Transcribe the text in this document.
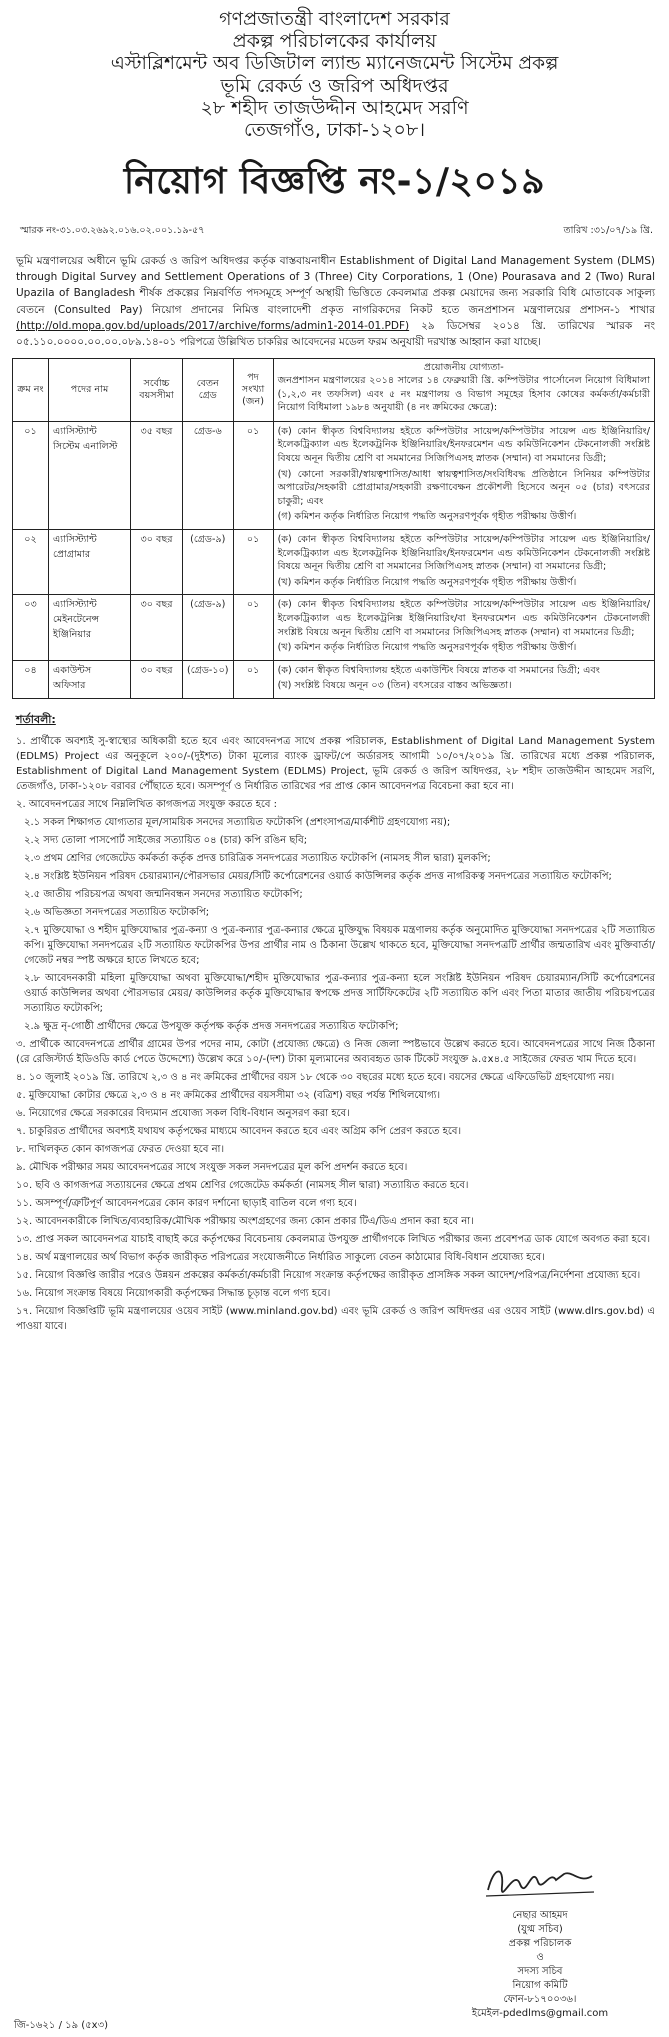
গণপ্রজাতন্ত্রী বাংলাদেশ সরকার
প্রকল্প পরিচালকের কার্যালয়
এস্টাব্লিশমেন্ট অব ডিজিটাল ল্যান্ড ম্যানেজমেন্ট সিস্টেম প্রকল্প
ভূমি রেকর্ড ও জরিপ অধিদপ্তর
২৮ শহীদ তাজউদ্দীন আহমেদ সরণি
তেজগাঁও, ঢাকা-১২০৮।
নিয়োগ বিজ্ঞপ্তি নং-১/২০১৯
স্মারক নং-৩১.০৩.২৬৯২.০১৬.০২.০০১.১৯-৫৭	তারিখ :৩১/০৭/১৯ খ্রি.
ভূমি মন্ত্রণালয়ের অধীনে ভূমি রেকর্ড ও জরিপ অধিদপ্তর কর্তৃক বাস্তবায়নাধীন Establishment of Digital Land Management System (DLMS) through Digital Survey and Settlement Operations of 3 (Three) City Corporations, 1 (One) Pourasava and 2 (Two) Rural Upazila of Bangladesh শীর্ষক প্রকল্পের নিম্নবর্ণিত পদসমূহে সম্পূর্ণ অস্থায়ী ভিত্তিতে কেবলমাত্র প্রকল্প মেয়াদের জন্য সরকারি বিধি মোতাবেক সাকুল্য বেতনে (Consulted Pay) নিয়োগ প্রদানের নিমিত্ত বাংলাদেশী প্রকৃত নাগরিকদের নিকট হতে জনপ্রশাসন মন্ত্রণালয়ের প্রশাসন-১ শাখার (http://old.mopa.gov.bd/uploads/2017/archive/forms/admin1-2014-01.PDF) ২৯ ডিসেম্বর ২০১৪ খ্রি. তারিখের স্মারক নং ০৫.১১০.০০০০.০০.০০.০৮৯.১৪-০১ পরিপত্রে উল্লিখিত চাকরির আবেদনের মডেল ফরম অনুযায়ী দরখাস্ত আহ্বান করা যাচ্ছে।
ক্রম নং	পদের নাম	সর্বোচ্চ বয়সসীমা	বেতন গ্রেড	পদ সংখ্যা (জন)	প্রয়োজনীয় যোগ্যতা-

জনপ্রশাসন মন্ত্রণালয়ের ২০১৪ সালের ১৪ ফেব্রুয়ারী খ্রি. কম্পিউটার পার্সোনেল নিয়োগ বিধিমালা (১,২,৩ নং তফসিল) এবং ৫ নং মন্ত্রণালয় ও বিভাগ সমূহের হিসাব কোষের কর্মকর্তা/কর্মচারী নিয়োগ বিধিমালা ১৯৮৪ অনুযায়ী (৪ নং ক্রমিকের ক্ষেত্রে):

০১	এ্যাসিস্ট্যান্ট সিস্টেম এনালিস্ট	৩৫ বছর	গ্রেড-৬	০১	(ক) কোন স্বীকৃত বিশ্ববিদ্যালয় হইতে কম্পিউটার সায়েন্স/কম্পিউটার সায়েন্স এন্ড ইঞ্জিনিয়ারিং/ইলেকট্রিক্যাল এন্ড ইলেকট্রনিক ইঞ্জিনিয়ারিং/ইনফরমেশন এন্ড কমিউনিকেশন টেকনোলজী সংশ্লিষ্ট বিষয়ে অনূন দ্বিতীয় শ্রেণি বা সমমানের সিজিপিএসহ স্নাতক (সম্মান) বা সমমানের ডিগ্রী;

(খ) কোনো সরকারী/স্বায়ত্বশাসিত/আধা স্বায়ত্বশাসিত/সংবিধিবদ্ধ প্রতিষ্ঠানে সিনিয়র কম্পিউটার অপারেটর/সহকারী প্রোগ্রামার/সহকারী রক্ষণাবেক্ষন প্রকৌশলী হিসেবে অনূন ০৫ (চার) বৎসরের চাকুরী; এবং

(গ) কমিশন কর্তৃক নির্ধারিত নিয়োগ পদ্ধতি অনুসরণপূর্বক গৃহীত পরীক্ষায় উত্তীর্ণ।

০২	এ্যাসিস্ট্যান্ট প্রোগ্রামার	৩০ বছর	(গ্রেড-৯)	০১	(ক) কোন স্বীকৃত বিশ্ববিদ্যালয় হইতে কম্পিউটার সায়েন্স/কম্পিউটার সায়েন্স এন্ড ইঞ্জিনিয়ারিং/ইলেকট্রিক্যাল এন্ড ইলেকট্রনিক ইঞ্জিনিয়ারিং/ইনফরমেশন এন্ড কমিউনিকেশন টেকনোলজী সংশ্লিষ্ট বিষয়ে অনূন দ্বিতীয় শ্রেণি বা সমমানের সিজিপিএসহ স্নাতক (সম্মান) বা সমমানের ডিগ্রী;

(খ) কমিশন কর্তৃক নির্ধারিত নিয়োগ পদ্ধতি অনুসরণপূর্বক গৃহীত পরীক্ষায় উত্তীর্ণ।

০৩	এ্যাসিস্ট্যান্ট মেইনটেনেন্স ইঞ্জিনিয়ার	৩০ বছর	(গ্রেড-৯)	০১	(ক) কোন স্বীকৃত বিশ্ববিদ্যালয় হইতে কম্পিউটার সায়েন্স/কম্পিউটার সায়েন্স এন্ড ইঞ্জিনিয়ারিং/ইলেকট্রিক্যাল এন্ড ইলেকট্রনিক্স ইঞ্জিনিয়ারিং/বা ইনফরমেশন এন্ড কমিউনিকেশন টেকনোলজী সংশ্লিষ্ট বিষয়ে অনূন দ্বিতীয় শ্রেণি বা সমমানের সিজিপিএসহ স্নাতক (সম্মান) বা সমমানের ডিগ্রী;

(খ) কমিশন কর্তৃক নির্ধারিত নিয়োগ পদ্ধতি অনুসরণপূর্বক গৃহীত পরীক্ষায় উত্তীর্ণ।

০৪	একাউন্টস অফিসার	৩০ বছর	(গ্রেড-১০)	০১	(ক) কোন স্বীকৃত বিশ্ববিদ্যালয় হইতে একাউন্টিং বিষয়ে স্নাতক বা সমমানের ডিগ্রী; এবং

(খ) সংশ্লিষ্ট বিষয়ে অনূন ০৩ (তিন) বৎসরের বাস্তব অভিজ্ঞতা।

শর্তাবলী:

১. প্রার্থীকে অবশ্যই সু-স্বাস্থ্যের অধিকারী হতে হবে এবং আবেদনপত্র সাথে প্রকল্প পরিচালক, Establishment of Digital Land Management System (EDLMS) Project এর অনুকূলে ২০০/-(দুইশত) টাকা মূল্যের ব্যাংক ড্রাফট/পে অর্ডারসহ আগামী ১০/০৭/২০১৯ খ্রি. তারিখের মধ্যে প্রকল্প পরিচালক, Establishment of Digital Land Management System (EDLMS) Project, ভূমি রেকর্ড ও জরিপ অধিদপ্তর, ২৮ শহীদ তাজউদ্দীন আহমেদ সরণি, তেজগাঁও, ঢাকা-১২০৮ বরাবর পৌঁছাতে হবে। অসম্পূর্ণ ও নির্ধারিত তারিখের পর প্রাপ্ত কোন আবেদনপত্র বিবেচনা করা হবে না।

২. আবেদনপত্রের সাথে নিম্নলিখিত কাগজপত্র সংযুক্ত করতে হবে :

২.১ সকল শিক্ষাগত যোগ্যতার মূল/সাময়িক সনদের সত্যায়িত ফটোকপি (প্রশংসাপত্র/মার্কশীট গ্রহণযোগ্য নয়);

২.২ সদ্য তোলা পাসপোর্ট সাইজের সত্যায়িত ০৪ (চার) কপি রঙিন ছবি;

২.৩ প্রথম শ্রেণির গেজেটেড কর্মকর্তা কর্তৃক প্রদত্ত চারিত্রিক সনদপত্রের সত্যায়িত ফটোকপি (নামসহ সীল দ্বারা) মুলকপি;

২.৪ সংশ্লিষ্ট ইউনিয়ন পরিষদ চেয়ারম্যান/পৌরসভার মেয়র/সিটি কর্পোরেশনের ওয়ার্ড কাউন্সিলর কর্তৃক প্রদত্ত নাগরিকত্ব সনদপত্রের সত্যায়িত ফটোকপি;

২.৫ জাতীয় পরিচয়পত্র অথবা জন্মনিবন্ধন সনদের সত্যায়িত ফটোকপি;

২.৬ অভিজ্ঞতা সনদপত্রের সত্যায়িত ফটোকপি;

২.৭ মুক্তিযোদ্ধা ও শহীদ মুক্তিযোদ্ধার পুত্র-কন্যা ও পুত্র-কন্যার পুত্র-কন্যার ক্ষেত্রে মুক্তিযুদ্ধ বিষয়ক মন্ত্রণালয় কর্তৃক অনুমোদিত মুক্তিযোদ্ধা সনদপত্রের ২টি সত্যায়িত কপি। মুক্তিযোদ্ধা সনদপত্রের ২টি সত্যায়িত ফটোকপির উপর প্রার্থীর নাম ও ঠিকানা উল্লেখ থাকতে হবে, মুক্তিযোদ্ধা সনদপত্রটি প্রার্থীর জন্মতারিখ এবং মুক্তিবার্তা/গেজেট নম্বর স্পষ্ট অক্ষরে হাতে লিখতে হবে;

২.৮ আবেদনকারী মহিলা মুক্তিযোদ্ধা অথবা মুক্তিযোদ্ধা/শহীদ মুক্তিযোদ্ধার পুত্র-কন্যার পুত্র-কন্যা হলে সংশ্লিষ্ট ইউনিয়ন পরিষদ চেয়ারম্যান/সিটি কর্পোরেশনের ওয়ার্ড কাউন্সিলর অথবা পৌরসভার মেয়র/ কাউন্সিলর কর্তৃক মুক্তিযোদ্ধার স্বপক্ষে প্রদত্ত সার্টিফিকেটের ২টি সত্যায়িত কপি এবং পিতা মাতার জাতীয় পরিচয়পত্রের সত্যায়িত ফটোকপি;

২.৯ ক্ষুদ্র নৃ-গোষ্ঠী প্রার্থীদের ক্ষেত্রে উপযুক্ত কর্তৃপক্ষ কর্তৃক প্রদত্ত সনদপত্রের সত্যায়িত ফটোকপি;

৩. প্রার্থীকে আবেদনপত্রে প্রার্থীর গ্রামের উপর পদের নাম, কোটা (প্রযোজ্য ক্ষেত্রে) ও নিজ জেলা স্পষ্টভাবে উল্লেখ করতে হবে। আবেদনপত্রের সাথে নিজ ঠিকানা (রে রেজিস্টার্ড ইডিওডি কার্ড পেতে উদ্দেশ্যে) উল্লেখ করে ১০/-(দশ) টাকা মূল্যমানের অব্যবহৃত ডাক টিকেট সংযুক্ত ৯.৫x৪.৫ সাইজের ফেরত খাম দিতে হবে।

৪. ১০ জুলাই ২০১৯ খ্রি. তারিখে ২,৩ ও ৪ নং ক্রমিকের প্রার্থীদের বয়স ১৮ থেকে ৩০ বছরের মধ্যে হতে হবে। বয়সের ক্ষেত্রে এফিডেভিট গ্রহণযোগ্য নয়।

৫. মুক্তিযোদ্ধা কোটার ক্ষেত্রে ২,৩ ও ৪ নং ক্রমিকের প্রার্থীদের বয়সসীমা ৩২ (বত্রিশ) বছর পর্যন্ত শিথিলযোগ্য।

৬. নিয়োগের ক্ষেত্রে সরকারের বিদ্যমান প্রযোজ্য সকল বিধি-বিধান অনুসরণ করা হবে।

৭. চাকুরিরত প্রার্থীদের অবশ্যই যথাযথ কর্তৃপক্ষের মাধ্যমে আবেদন করতে হবে এবং অগ্রিম কপি প্রেরণ করতে হবে।

৮. দাখিলকৃত কোন কাগজপত্র ফেরত দেওয়া হবে না।

৯. মৌখিক পরীক্ষার সময় আবেদনপত্রের সাথে সংযুক্ত সকল সনদপত্রের মূল কপি প্রদর্শন করতে হবে।

১০. ছবি ও কাগজপত্র সত্যায়নের ক্ষেত্রে প্রথম শ্রেণির গেজেটেড কর্মকর্তা (নামসহ সীল দ্বারা) সত্যায়িত করতে হবে।

১১. অসম্পূর্ণ/ত্রুটিপূর্ণ আবেদনপত্রের কোন কারণ দর্শানো ছাড়াই বাতিল বলে গণ্য হবে।

১২. আবেদনকারীকে লিখিত/ব্যবহারিক/মৌখিক পরীক্ষায় অংশগ্রহণের জন্য কোন প্রকার টিএ/ডিএ প্রদান করা হবে না।

১৩. প্রাপ্ত সকল আবেদনপত্র যাচাই বাছাই করে কর্তৃপক্ষের বিবেচনায় কেবলমাত্র উপযুক্ত প্রার্থীগণকে লিখিত পরীক্ষার জন্য প্রবেশপত্র ডাক যোগে অবগত করা হবে।

১৪. অর্থ মন্ত্রণালয়ের অর্থ বিভাগ কর্তৃক জারীকৃত পরিপত্রের সংযোজনীতে নির্ধারিত সাকুল্যে বেতন কাঠামোর বিধি-বিধান প্রযোজ্য হবে।

১৫. নিয়োগ বিজ্ঞপ্তি জারীর পরেও উন্নয়ন প্রকল্পের কর্মকর্তা/কর্মচারী নিয়োগ সংক্রান্ত কর্তৃপক্ষের জারীকৃত প্রাসঙ্গিক সকল আদেশ/পরিপত্র/নির্দেশনা প্রযোজ্য হবে।

১৬. নিয়োগ সংক্রান্ত বিষয়ে নিয়োগকারী কর্তৃপক্ষের সিদ্ধান্ত চূড়ান্ত বলে গণ্য হবে।

১৭. নিয়োগ বিজ্ঞপ্তিটি ভূমি মন্ত্রণালয়ের ওয়েব সাইট (www.minland.gov.bd) এবং ভূমি রেকর্ড ও জরিপ অধিদপ্তর এর ওয়েব সাইট (www.dlrs.gov.bd) এ পাওয়া যাবে।

নেছার আহমদ
(যুগ্ম সচিব)
প্রকল্প পরিচালক
ও
সদস্য সচিব
নিয়োগ কমিটি
ফোন-৮১৭০০৩৬।
ইমেইল-pdedlms@gmail.com
জি-১৬২১ / ১৯ (৫x৩)
